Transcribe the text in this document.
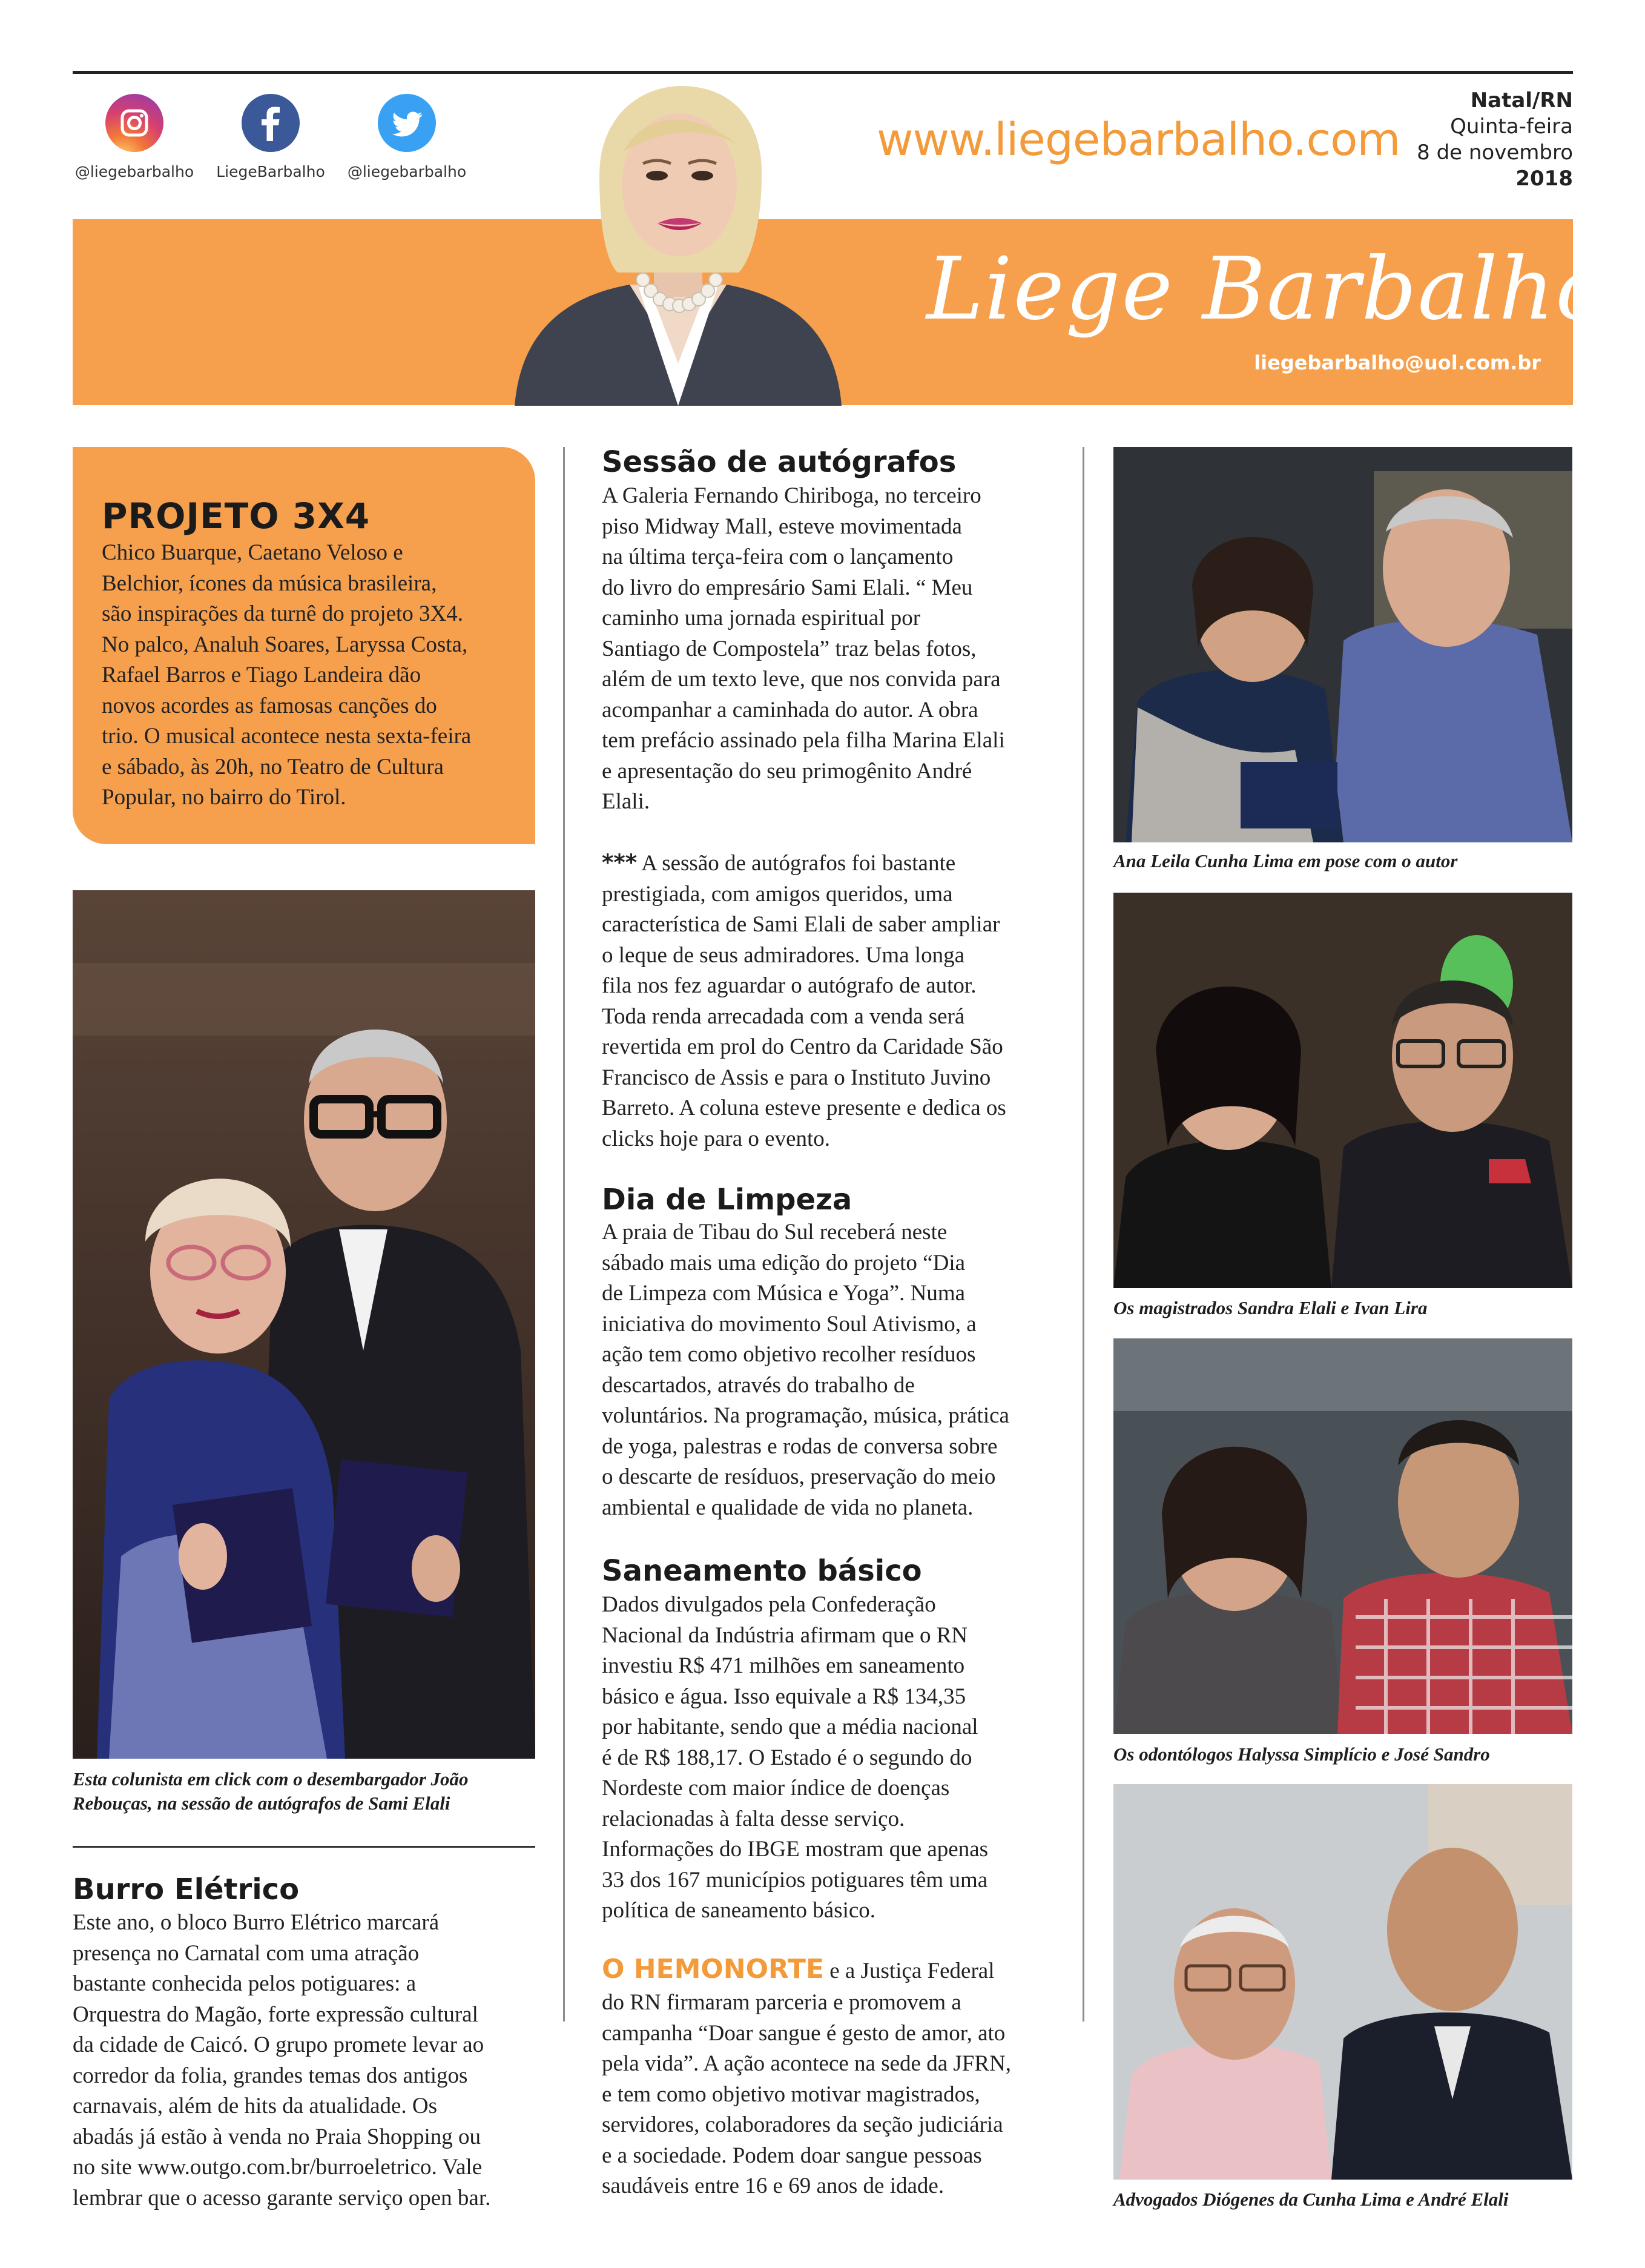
@liegebarbalho	LiegeBarbalho	@liegebarbalho
www.liegebarbalho.com
Natal/RN
Quinta-feira
8 de novembro
2018
Liege Barbalho
liegebarbalho@uol.com.br
PROJETO 3X4
Chico Buarque, Caetano Veloso e
Belchior, ícones da música brasileira,
são inspirações da turnê do projeto 3X4.
No palco, Analuh Soares, Laryssa Costa,
Rafael Barros e Tiago Landeira dão
novos acordes as famosas canções do
trio. O musical acontece nesta sexta-feira
e sábado, às 20h, no Teatro de Cultura
Popular, no bairro do Tirol.
Esta colunista em click com o desembargador João
Rebouças, na sessão de autógrafos de Sami Elali
Burro Elétrico
Este ano, o bloco Burro Elétrico marcará
presença no Carnatal com uma atração
bastante conhecida pelos potiguares: a
Orquestra do Magão, forte expressão cultural
da cidade de Caicó. O grupo promete levar ao
corredor da folia, grandes temas dos antigos
carnavais, além de hits da atualidade. Os
abadás já estão à venda no Praia Shopping ou
no site www.outgo.com.br/burroeletrico. Vale
lembrar que o acesso garante serviço open bar.
Sessão de autógrafos
A Galeria Fernando Chiriboga, no terceiro
piso Midway Mall, esteve movimentada
na última terça-feira com o lançamento
do livro do empresário Sami Elali. “ Meu
caminho uma jornada espiritual por
Santiago de Compostela” traz belas fotos,
além de um texto leve, que nos convida para
acompanhar a caminhada do autor. A obra
tem prefácio assinado pela filha Marina Elali
e apresentação do seu primogênito André
Elali.
*** A sessão de autógrafos foi bastante
prestigiada, com amigos queridos, uma
característica de Sami Elali de saber ampliar
o leque de seus admiradores. Uma longa
fila nos fez aguardar o autógrafo de autor.
Toda renda arrecadada com a venda será
revertida em prol do Centro da Caridade São
Francisco de Assis e para o Instituto Juvino
Barreto. A coluna esteve presente e dedica os
clicks hoje para o evento.
Dia de Limpeza
A praia de Tibau do Sul receberá neste
sábado mais uma edição do projeto “Dia
de Limpeza com Música e Yoga”. Numa
iniciativa do movimento Soul Ativismo, a
ação tem como objetivo recolher resíduos
descartados, através do trabalho de
voluntários. Na programação, música, prática
de yoga, palestras e rodas de conversa sobre
o descarte de resíduos, preservação do meio
ambiental e qualidade de vida no planeta.
Saneamento básico
Dados divulgados pela Confederação
Nacional da Indústria afirmam que o RN
investiu R$ 471 milhões em saneamento
básico e água. Isso equivale a R$ 134,35
por habitante, sendo que a média nacional
é de R$ 188,17. O Estado é o segundo do
Nordeste com maior índice de doenças
relacionadas à falta desse serviço.
Informações do IBGE mostram que apenas
33 dos 167 municípios potiguares têm uma
política de saneamento básico.
O HEMONORTE e a Justiça Federal
do RN firmaram parceria e promovem a
campanha “Doar sangue é gesto de amor, ato
pela vida”. A ação acontece na sede da JFRN,
e tem como objetivo motivar magistrados,
servidores, colaboradores da seção judiciária
e a sociedade. Podem doar sangue pessoas
saudáveis entre 16 e 69 anos de idade.
Ana Leila Cunha Lima em pose com o autor
Os magistrados Sandra Elali e Ivan Lira
Os odontólogos Halyssa Simplício e José Sandro
Advogados Diógenes da Cunha Lima e André Elali
